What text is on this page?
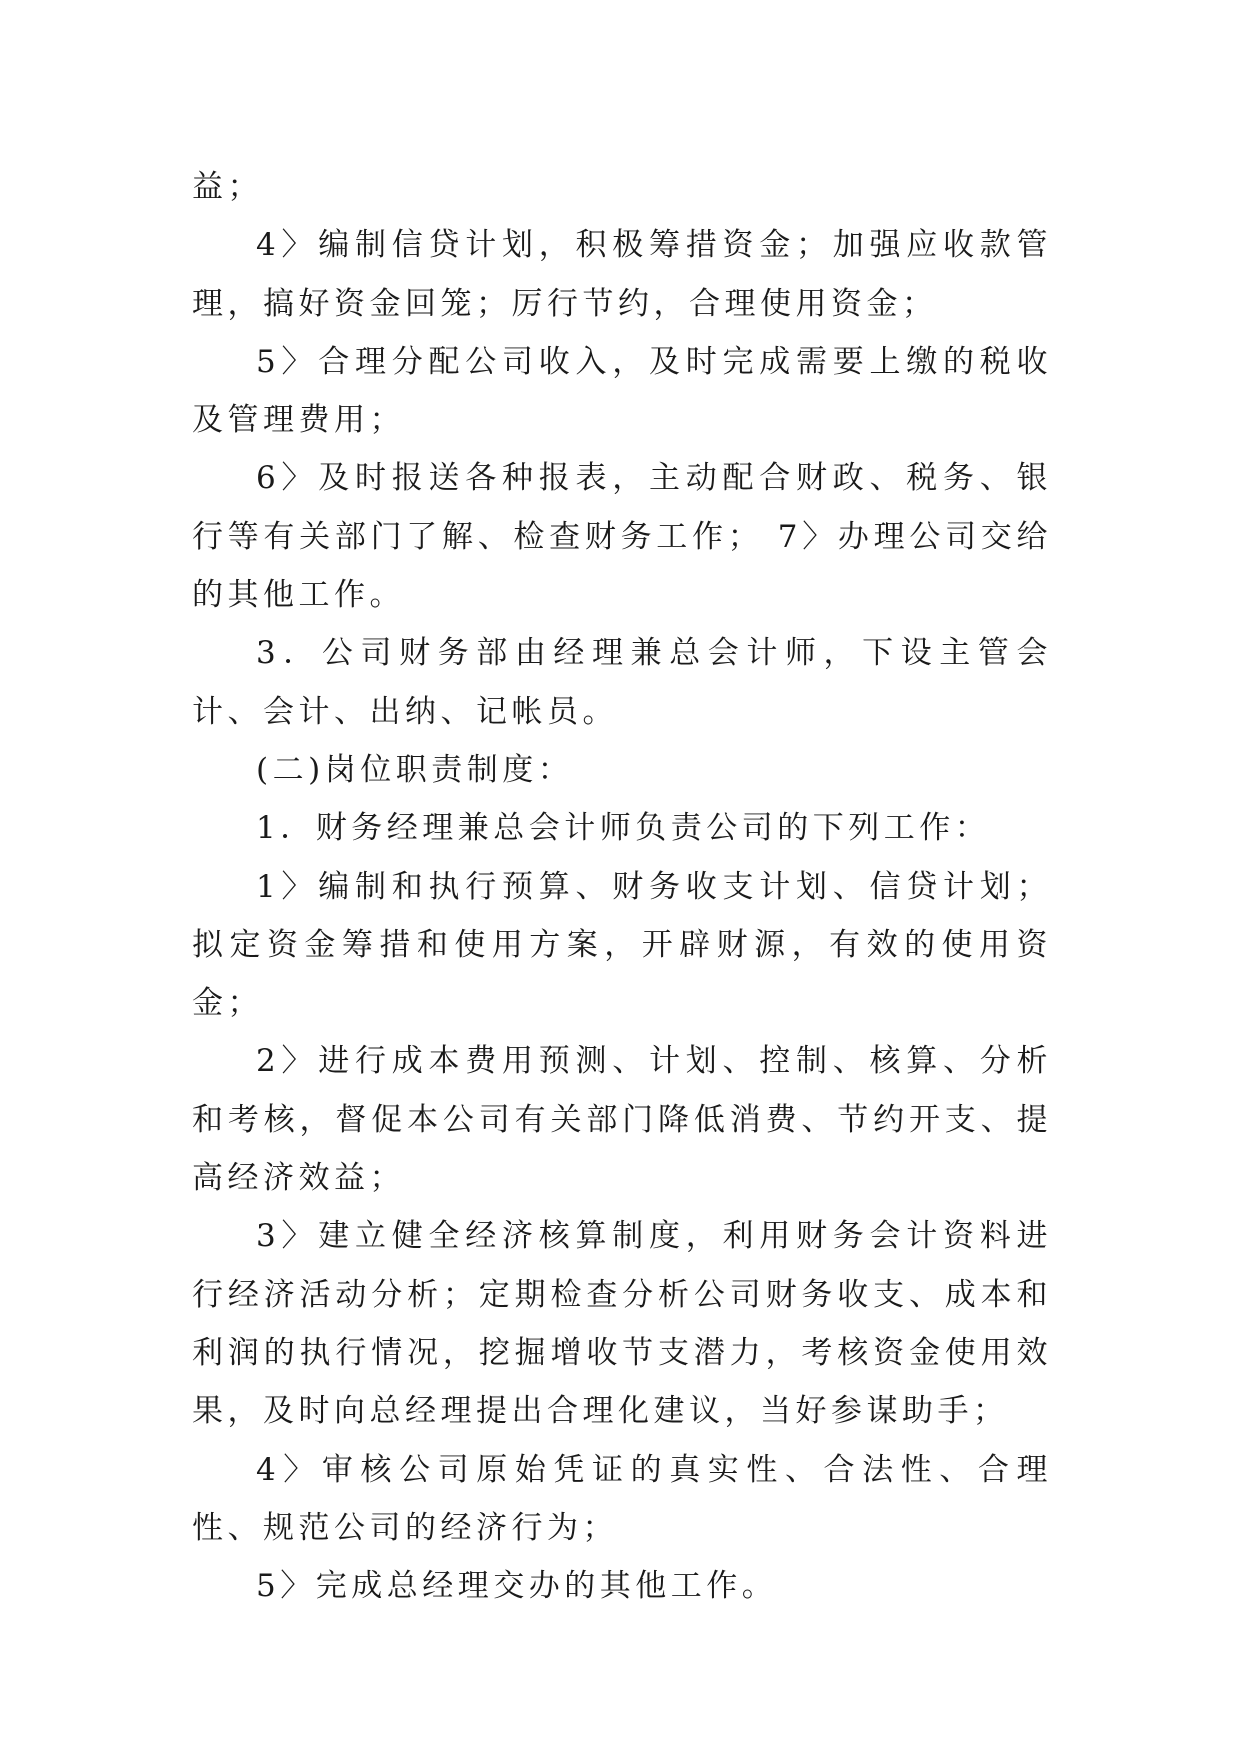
益；

4〉编制信贷计划，积极筹措资金；加强应收款管理，搞好资金回笼；厉行节约，合理使用资金；

5〉合理分配公司收入，及时完成需要上缴的税收及管理费用；

6〉及时报送各种报表，主动配合财政、税务、银行等有关部门了解、检查财务工作； 7〉办理公司交给的其他工作。

3．公司财务部由经理兼总会计师，下设主管会计、会计、出纳、记帐员。

(二)岗位职责制度：

1．财务经理兼总会计师负责公司的下列工作：

1〉编制和执行预算、财务收支计划、信贷计划；拟定资金筹措和使用方案，开辟财源，有效的使用资金；

2〉进行成本费用预测、计划、控制、核算、分析和考核，督促本公司有关部门降低消费、节约开支、提高经济效益；

3〉建立健全经济核算制度，利用财务会计资料进行经济活动分析；定期检查分析公司财务收支、成本和利润的执行情况，挖掘增收节支潜力，考核资金使用效果，及时向总经理提出合理化建议，当好参谋助手；

4〉审核公司原始凭证的真实性、合法性、合理性、规范公司的经济行为；

5〉完成总经理交办的其他工作。
